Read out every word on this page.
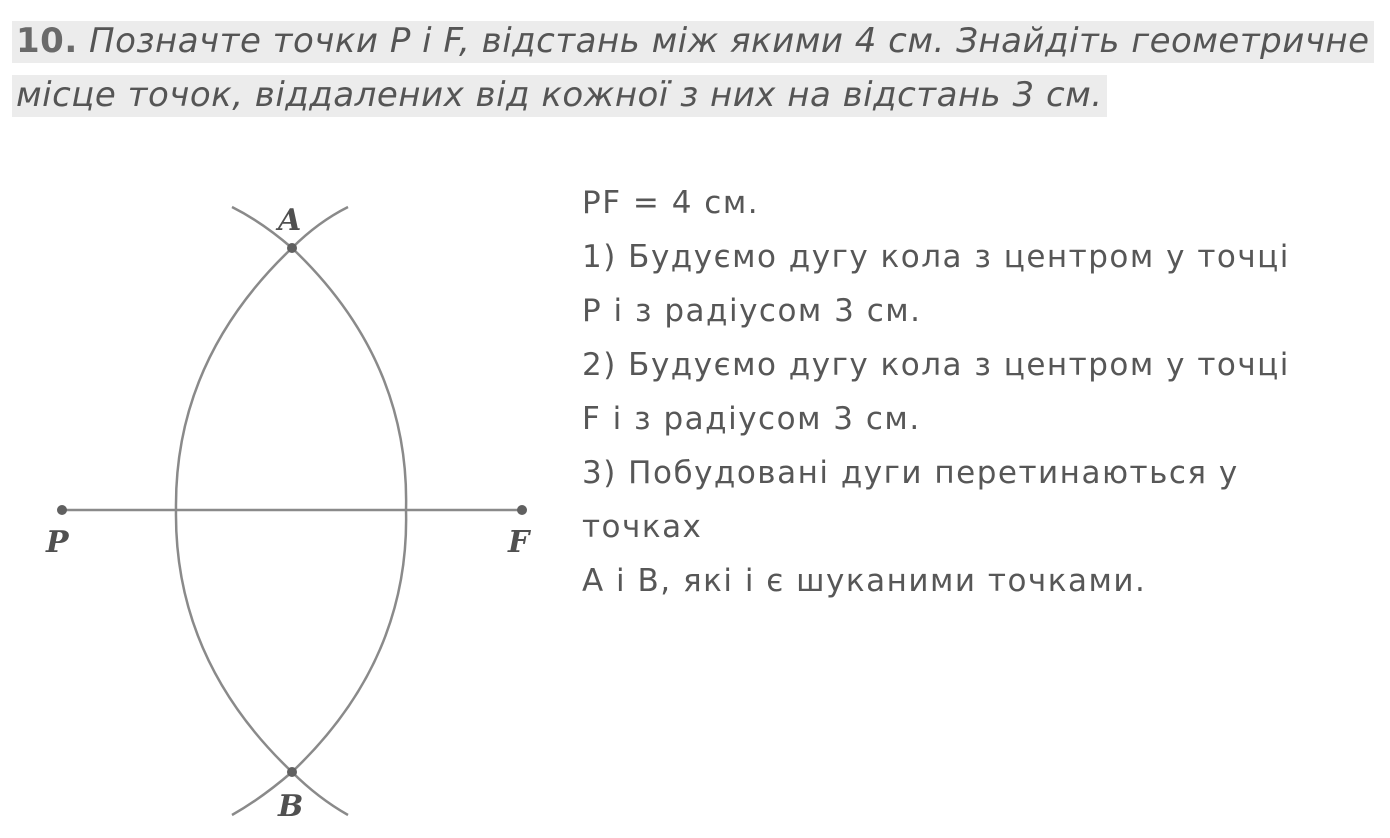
10. Позначте точки P і F, відстань між якими 4 см. Знайдіть геометричне місце точок, віддалених від кожної з них на відстань 3 см.
A
B
P	F
PF = 4 см.
1) Будуємо дугу кола з центром у точці
P і з радіусом 3 см.
2) Будуємо дугу кола з центром у точці
F і з радіусом 3 см.
3) Побудовані дуги перетинаються у
точках
A і B, які і є шуканими точками.
